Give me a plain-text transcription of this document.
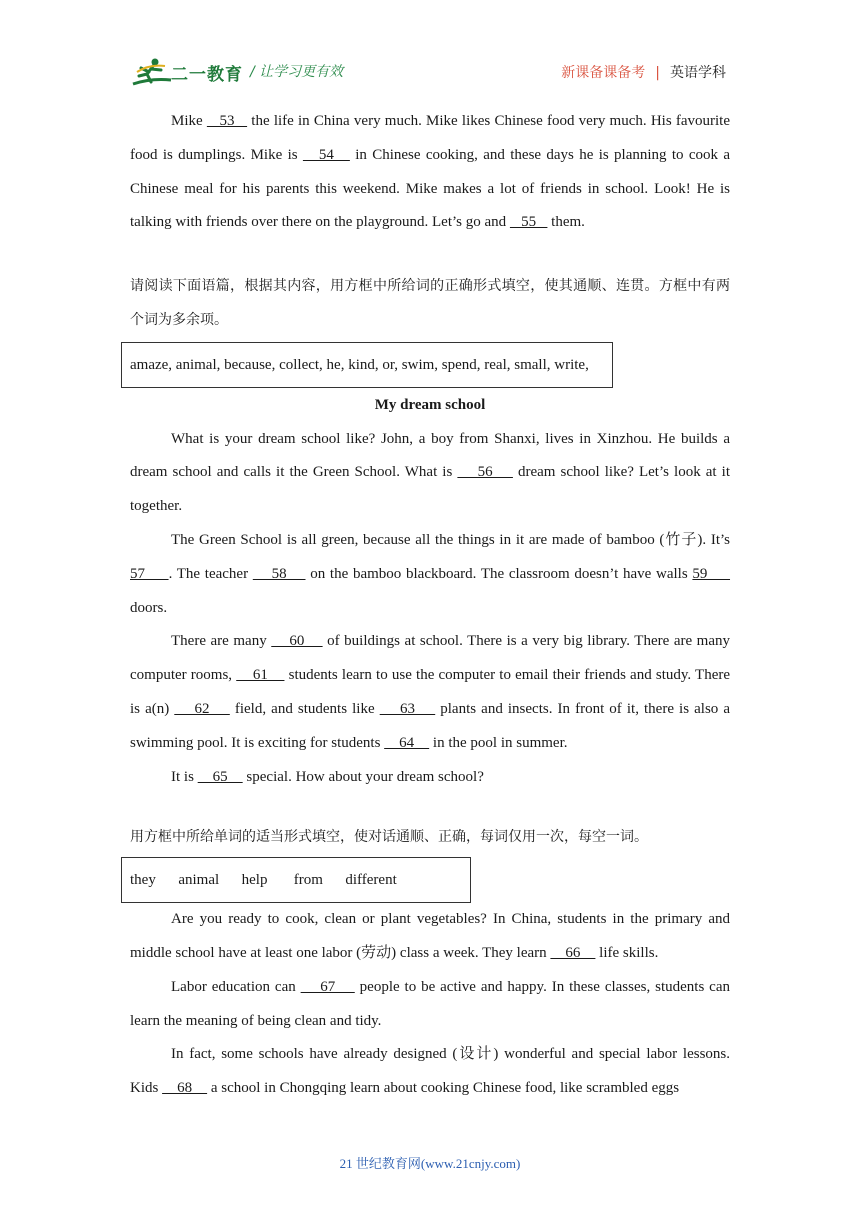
二一教育 / 让学习更有效	新课备课备考 | 英语学科

Mike    53    the life in China very much. Mike likes Chinese food very much. His favourite food is dumplings. Mike is    54    in Chinese cooking, and these days he is planning to cook a Chinese meal for his parents this weekend. Mike makes a lot of friends in school. Look! He is talking with friends over there on the playground. Let’s go and    55    them.

请阅读下面语篇，根据其内容，用方框中所给词的正确形式填空，使其通顺、连贯。方框中有两个词为多余项。

amaze, animal, because, collect, he, kind, or, swim, spend, real, small, write,

My dream school

What is your dream school like? John, a boy from Shanxi, lives in Xinzhou. He builds a dream school and calls it the Green School. What is     56     dream school like? Let’s look at it together.

The Green School is all green, because all the things in it are made of bamboo (竹子). It’s 57     . The teacher     58     on the bamboo blackboard. The classroom doesn’t have walls 59      doors.

There are many     60     of buildings at school. There is a very big library. There are many computer rooms,     61     students learn to use the computer to email their friends and study. There is a(n)     62     field, and students like     63     plants and insects. In front of it, there is also a swimming pool. It is exciting for students     64     in the pool in summer.

It is     65     special. How about your dream school?

用方框中所给单词的适当形式填空，使对话通顺、正确，每词仅用一次，每空一词。

they      animal      help       from      different

Are you ready to cook, clean or plant vegetables? In China, students in the primary and middle school have at least one labor (劳动) class a week. They learn     66     life skills.

Labor education can     67     people to be active and happy. In these classes, students can learn the meaning of being clean and tidy.

In fact, some schools have already designed (设计) wonderful and special labor lessons. Kids     68     a school in Chongqing learn about cooking Chinese food, like scrambled eggs

21 世纪教育网(www.21cnjy.com)
